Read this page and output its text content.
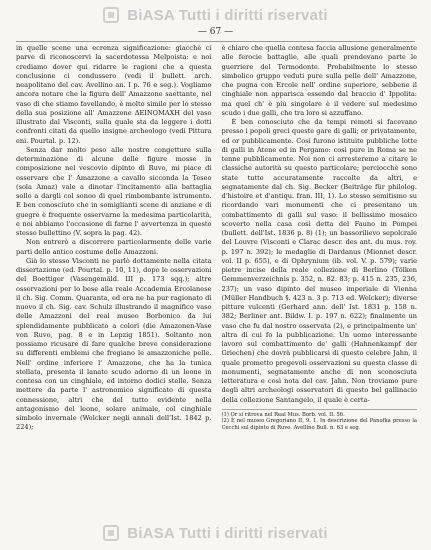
BiASA Tutti i diritti riservati
— 67 —

in quelle scene una ecrenza significazione: giacchè ci parve di riconoscervi la sacerdotessa Melpoista: e noi crediamo dover qui ridarre le ragioni che a questa conclusione ci condussero (vedi il bullett. arch. neapolitano del cav. Avellino an. I p. 76 e seg.). Vogliamo ancora notare che la figura dell' Amazzone saettante, nel vaso di che stiamo favellando, è molto simile per lo stesso della sua posizione all' Amazzone ΔΕΙΝΟΜΑΧΗ del vaso illustrato dal Visconti, sulla quale sta da leggere i dotti confronti citati da quello insigne archeologo (vedi Pittura eni. Pourtal. p. 12).

Senza dar molto peso alle nostre congetture sulla determinazione di alcune delle figure mosse in composizione nel vescovio dipinto di Ruvo, mi piace di osservare che l' Amazzone a cavallo sicconda la Teseo (sola Amaz) vale a dinotar l'incitamento alla battaglia sollo a dargli col sonoo di quel rimbombante istrumento. E ben conosciuto che in somiglianti scene di anziane e di guegre è frequente osservarne la medesima particolarità, e noi abbiamo l'occasione di farne l' avvertenza in questo stesso bullettino (V. sopra la pag. 42).

Non entrerò a discorrere particolarmente delle varie parti dello antico costume delle Amazzoni.

Già lo stesso Visconti ne parlò dottamente nella citata dissertazione (ed. Pourtal. p. 10, 11), dopo le osservazioni del Boettiger (Vasengemäld. III p. 173 sqq.); altre osservazioni per lo bese alla reale Accademia Ercolanese il ch. Sig. Comm. Quaranta, ed ora ne ha pur ragionato di nuovo il ch. Sig. cav. Schulz illustrando il magnifico vaso delle Amazzoni del real museo Borbonico da lui splendidamente pubblicato a colori (die Amazonen-Vase von Ruvo, pag. 8 e in Lepzig 1851). Soltanto non possiamo ricusare di fare qualche breve considerazione su differenti emblemi che fregiano le amazzoniche pelle. Nell' ordine inferiore l' Amazzone, che ha la tunica stellata, presenta il lanato scudo adorno di un leone in contesa con un cinghiale, ed intorno dodici stelle. Senza mettere da parte l' astronomico significato di questa connessione, altri che del tutto evidente nella antagonismo del leone, solare animale, col cinghiale simbolo invernale (Welcker negli annali dell'Ist. 1842 p. 224);

è chiaro che quella contesa faccia allusione generalmente alle ferocie battaglie, alle quali prendevano parte le guerriere del Termodonte. Probabilmente lo stesso simbolico gruppo veduti pure sulla pelle dell' Amazzone, che pugna con Ercole nell' ordine superiore, sebbene il cinghiale non apparisca essendo dal braccio d' Ippolita: ma quel ch' è più singolare è il vedere sul medesimo scudo i due galli, che tra loro si azzuffano.

È ben conosciuto che da tempi remoti si facevano presso i popoli greci queste gare di galli; or privatamente, ed or pubblicamente. Così furono istituite pubbliche lotte di galli in Atene ed in Pergamo: così pure in Roma se ne tenne pubblicamente. Noi non ci arresteremo a citare le classiche autorità su questo particolare; perciocchè sono state tutte accuratamente raccolte da altri, e segnatamente dal ch. Sig. Becker (Beiträge für philolog. d'histoire et d'antiqu. fran. III, 1). Lo stesso semitismo su ricordando vari monumenti che ci presentano un combattimento di galli sul vaso: il bellissimo mosaico scoverto nella casa così detta del Fauno in Pompei (bullett. dell'Ist. 1836 p. 8) (1); un bassorilievo sepolcrale del Louvre (Visconti e Clarac descr. des ant. du mus. roy. p. 197 n. 392); le medaglie di Dardanus (Mionnet descr. vol. II p. 655), e di Ophrynium (ib. vol. V. p. 579); varie pietre incise della reale collezione di Berlino (Tölken Gemmenverzeichnis p. 352, n. 82. 83; p. 415 n. 235, 236, 237); un vaso dipinto del museo imperiale di Vienna (Müller Handbuch §. 423 n. 3 p. 713 ed. Welcker); diverse pitture vulcenti (Gerhard ann. dell' Ist. 1831 p. 158 n. 382; Berliner ant. Bildw. I. p. 197 n. 622); finalmente un vaso che fu dal nostro osservata (2), e principalmente un' altra di cui fo la pubblicazione. Un uomo interessante lavoro sul combattimento de' galli (Hahnenkampf der Griechen) che dovrà pubblicarsi di questo celebre Jahn, il quale prometto pregevoli osservazioni su questa classe di monumenti, segnatamente anche di non sconosciuta letteratura e così nota del cav. Jahn. Non troviamo pure degli altri archeologi osservatori di questo bel gallinacio della collezione Santangelo, il quale è certa-

(1) Or si ritrova nel Real Mus. Borb. vol. II. 56.

(2) È nel museo Gregoriano II, 9. 1. In descrizione del Panofka presso la Cecchi sul dipinto di Ruvo. Avellino Bull. n. 63 e seg.

BiASA Tutti i diritti riservati
